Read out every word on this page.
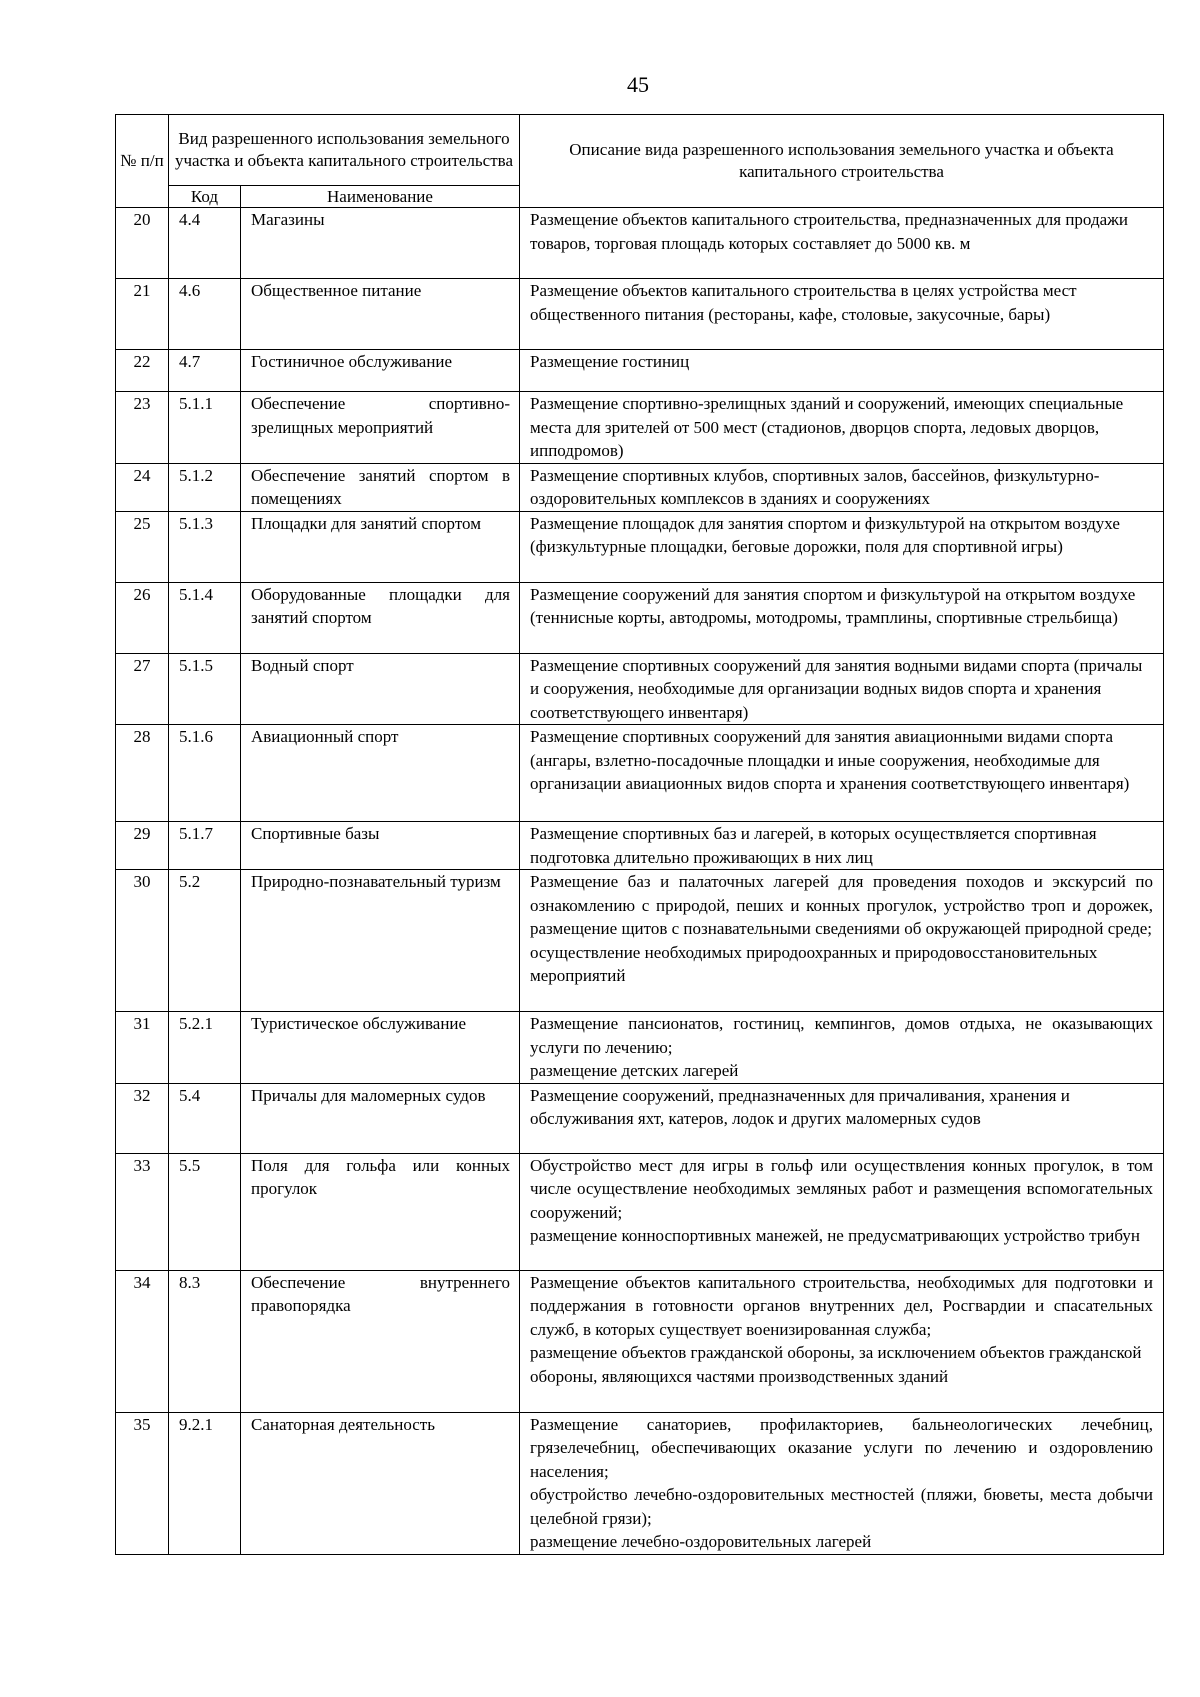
45
№ п/п	Вид разрешенного использования земельного участка и объекта капитального строительства		Описание вида разрешенного использования земельного участка и объекта капитального строительства
	Код	Наименование	
20	4.4	Магазины	Размещение объектов капитального строительства, предназначенных для продажи товаров, торговая площадь которых составляет до 5000 кв. м

21	4.6	Общественное питание	Размещение объектов капитального строительства в целях устройства мест общественного питания (рестораны, кафе, столовые, закусочные, бары)

22	4.7	Гостиничное обслуживание	Размещение гостиниц

23	5.1.1	Обеспечение спортивно-зрелищных мероприятий	Размещение спортивно-зрелищных зданий и сооружений, имеющих специальные места для зрителей от 500 мест (стадионов, дворцов спорта, ледовых дворцов, ипподромов)

24	5.1.2	Обеспечение занятий спортом в помещениях	Размещение спортивных клубов, спортивных залов, бассейнов, физкультурно-оздоровительных комплексов в зданиях и сооружениях

25	5.1.3	Площадки для занятий спортом	Размещение площадок для занятия спортом и физкультурой на открытом воздухе (физкультурные площадки, беговые дорожки, поля для спортивной игры)

26	5.1.4	Оборудованные площадки для занятий спортом	Размещение сооружений для занятия спортом и физкультурой на открытом воздухе (теннисные корты, автодромы, мотодромы, трамплины, спортивные стрельбища)

27	5.1.5	Водный спорт	Размещение спортивных сооружений для занятия водными видами спорта (причалы и сооружения, необходимые для организации водных видов спорта и хранения соответствующего инвентаря)

28	5.1.6	Авиационный спорт	Размещение спортивных сооружений для занятия авиационными видами спорта (ангары, взлетно-посадочные площадки и иные сооружения, необходимые для организации авиационных видов спорта и хранения соответствующего инвентаря)

29	5.1.7	Спортивные базы	Размещение спортивных баз и лагерей, в которых осуществляется спортивная подготовка длительно проживающих в них лиц

30	5.2	Природно-познавательный туризм	Размещение баз и палаточных лагерей для проведения походов и экскурсий по ознакомлению с природой, пеших и конных прогулок, устройство троп и дорожек, размещение щитов с познавательными сведениями об окружающей природной среде;
осуществление необходимых природоохранных и природовосстановительных мероприятий

31	5.2.1	Туристическое обслуживание	Размещение пансионатов, гостиниц, кемпингов, домов отдыха, не оказывающих услуги по лечению;
размещение детских лагерей

32	5.4	Причалы для маломерных судов	Размещение сооружений, предназначенных для причаливания, хранения и обслуживания яхт, катеров, лодок и других маломерных судов

33	5.5	Поля для гольфа или конных прогулок	Обустройство мест для игры в гольф или осуществления конных прогулок, в том числе осуществление необходимых земляных работ и размещения вспомогательных сооружений;
размещение конноспортивных манежей, не предусматривающих устройство трибун

34	8.3	Обеспечение внутреннего правопорядка	Размещение объектов капитального строительства, необходимых для подготовки и поддержания в готовности органов внутренних дел, Росгвардии и спасательных служб, в которых существует военизированная служба;
размещение объектов гражданской обороны, за исключением объектов гражданской обороны, являющихся частями производственных зданий

35	9.2.1	Санаторная деятельность	Размещение санаториев, профилакториев, бальнеологических лечебниц, грязелечебниц, обеспечивающих оказание услуги по лечению и оздоровлению населения;
обустройство лечебно-оздоровительных местностей (пляжи, бюветы, места добычи целебной грязи);
размещение лечебно-оздоровительных лагерей
